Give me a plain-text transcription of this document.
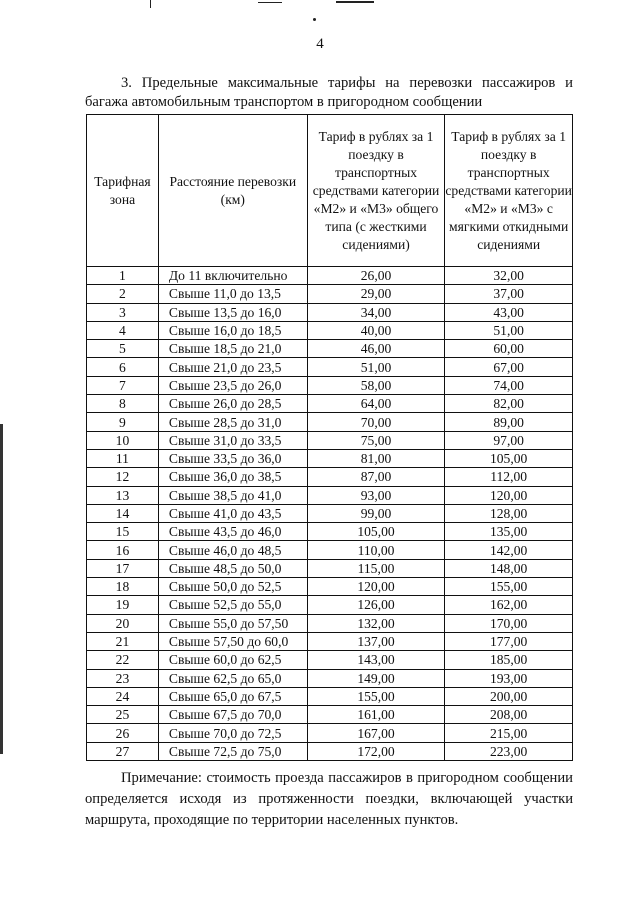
4
3. Предельные максимальные тарифы на перевозки пассажиров и багажа автомобильным транспортом в пригородном сообщении
Тарифная зона	Расстояние перевозки (км)	Тариф в рублях за 1 поездку в транспортных средствами категории «М2» и «М3» общего типа (с жесткими сидениями)	Тариф в рублях за 1 поездку в транспортных средствами категории «М2» и «М3» с мягкими откидными сидениями
1	До 11 включительно	26,00	32,00
2	Свыше 11,0 до 13,5	29,00	37,00
3	Свыше 13,5 до 16,0	34,00	43,00
4	Свыше 16,0 до 18,5	40,00	51,00
5	Свыше 18,5 до 21,0	46,00	60,00
6	Свыше 21,0 до 23,5	51,00	67,00
7	Свыше 23,5 до 26,0	58,00	74,00
8	Свыше 26,0 до 28,5	64,00	82,00
9	Свыше 28,5 до 31,0	70,00	89,00
10	Свыше 31,0 до 33,5	75,00	97,00
11	Свыше 33,5 до 36,0	81,00	105,00
12	Свыше 36,0 до 38,5	87,00	112,00
13	Свыше 38,5 до 41,0	93,00	120,00
14	Свыше 41,0 до 43,5	99,00	128,00
15	Свыше 43,5 до 46,0	105,00	135,00
16	Свыше 46,0 до 48,5	110,00	142,00
17	Свыше 48,5 до 50,0	115,00	148,00
18	Свыше 50,0 до 52,5	120,00	155,00
19	Свыше 52,5 до 55,0	126,00	162,00
20	Свыше 55,0 до 57,50	132,00	170,00
21	Свыше 57,50 до 60,0	137,00	177,00
22	Свыше 60,0 до 62,5	143,00	185,00
23	Свыше 62,5 до 65,0	149,00	193,00
24	Свыше 65,0 до 67,5	155,00	200,00
25	Свыше 67,5 до 70,0	161,00	208,00
26	Свыше 70,0 до 72,5	167,00	215,00
27	Свыше 72,5 до 75,0	172,00	223,00
Примечание: стоимость проезда пассажиров в пригородном сообщении определяется исходя из протяженности поездки, включающей участки маршрута, проходящие по территории населенных пунктов.
